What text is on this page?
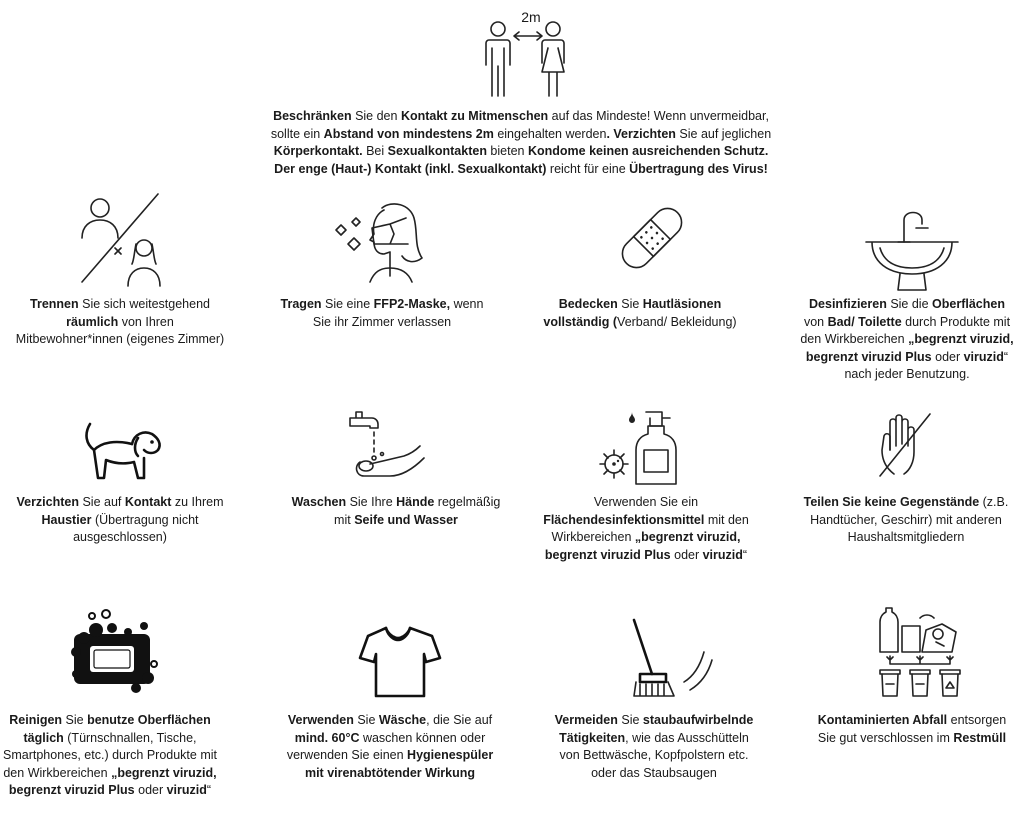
2m
Beschränken Sie den Kontakt zu Mitmenschen auf das Mindeste! Wenn unvermeidbar, sollte ein Abstand von mindestens 2m eingehalten werden. Verzichten Sie auf jeglichen Körperkontakt. Bei Sexualkontakten bieten Kondome keinen ausreichenden Schutz. Der enge (Haut-) Kontakt (inkl. Sexualkontakt) reicht für eine Übertragung des Virus!
Trennen Sie sich weitestgehend räumlich von Ihren Mitbewohner*innen (eigenes Zimmer)
Tragen Sie eine FFP2-Maske, wenn Sie ihr Zimmer verlassen
Bedecken Sie Hautläsionen vollständig (Verband/ Bekleidung)
Desinfizieren Sie die Oberflächen von Bad/ Toilette durch Produkte mit den Wirkbereichen „begrenzt viruzid, begrenzt viruzid Plus oder viruzid“ nach jeder Benutzung.
Verzichten Sie auf Kontakt zu Ihrem Haustier (Übertragung nicht ausgeschlossen)
Waschen Sie Ihre Hände regelmäßig mit Seife und Wasser
Verwenden Sie ein Flächendesinfektionsmittel mit den Wirkbereichen „begrenzt viruzid, begrenzt viruzid Plus oder viruzid“
Teilen Sie keine Gegenstände (z.B. Handtücher, Geschirr) mit anderen Haushaltsmitgliedern
Reinigen Sie benutze Oberflächen täglich (Türnschnallen, Tische, Smartphones, etc.) durch Produkte mit den Wirkbereichen „begrenzt viruzid, begrenzt viruzid Plus oder viruzid“
Verwenden Sie Wäsche, die Sie auf mind. 60°C waschen können oder verwenden Sie einen Hygienespüler mit virenabtötender Wirkung
Vermeiden Sie staubaufwirbelnde Tätigkeiten, wie das Ausschütteln von Bettwäsche, Kopfpolstern etc. oder das Staubsaugen
Kontaminierten Abfall entsorgen Sie gut verschlossen im Restmüll
